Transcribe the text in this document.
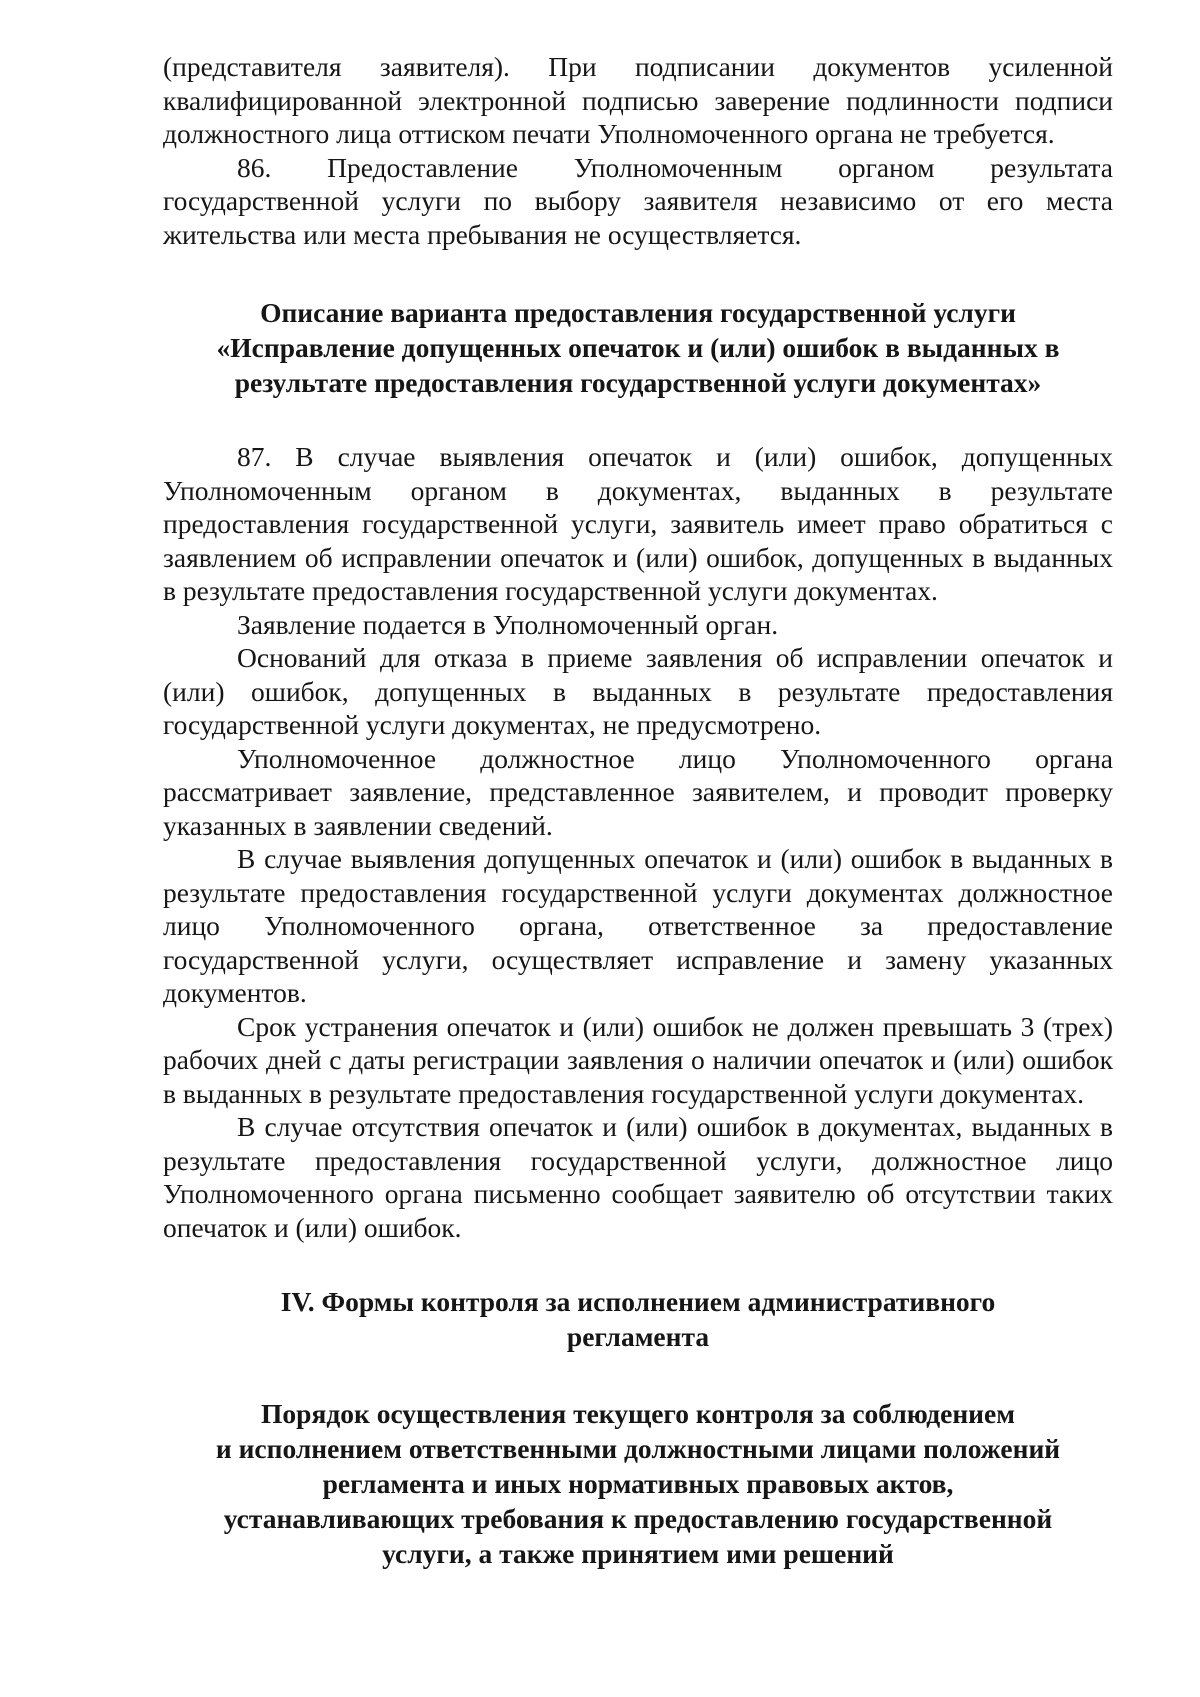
(представителя заявителя). При подписании документов усиленной квалифицированной электронной подписью заверение подлинности подписи должностного лица оттиском печати Уполномоченного органа не требуется.

86. Предоставление Уполномоченным органом результата государственной услуги по выбору заявителя независимо от его места жительства или места пребывания не осуществляется.

Описание варианта предоставления государственной услуги
«Исправление допущенных опечаток и (или) ошибок в выданных в
результате предоставления государственной услуги документах»

87. В случае выявления опечаток и (или) ошибок, допущенных Уполномоченным органом в документах, выданных в результате предоставления государственной услуги, заявитель имеет право обратиться с заявлением об исправлении опечаток и (или) ошибок, допущенных в выданных в результате предоставления государственной услуги документах.

Заявление подается в Уполномоченный орган.

Оснований для отказа в приеме заявления об исправлении опечаток и (или) ошибок, допущенных в выданных в результате предоставления государственной услуги документах, не предусмотрено.

Уполномоченное должностное лицо Уполномоченного органа рассматривает заявление, представленное заявителем, и проводит проверку указанных в заявлении сведений.

В случае выявления допущенных опечаток и (или) ошибок в выданных в результате предоставления государственной услуги документах должностное лицо Уполномоченного органа, ответственное за предоставление государственной услуги, осуществляет исправление и замену указанных документов.

Срок устранения опечаток и (или) ошибок не должен превышать 3 (трех) рабочих дней с даты регистрации заявления о наличии опечаток и (или) ошибок в выданных в результате предоставления государственной услуги документах.

В случае отсутствия опечаток и (или) ошибок в документах, выданных в результате предоставления государственной услуги, должностное лицо Уполномоченного органа письменно сообщает заявителю об отсутствии таких опечаток и (или) ошибок.

IV. Формы контроля за исполнением административного
регламента
Порядок осуществления текущего контроля за соблюдением
и исполнением ответственными должностными лицами положений
регламента и иных нормативных правовых актов,
устанавливающих требования к предоставлению государственной
услуги, а также принятием ими решений
